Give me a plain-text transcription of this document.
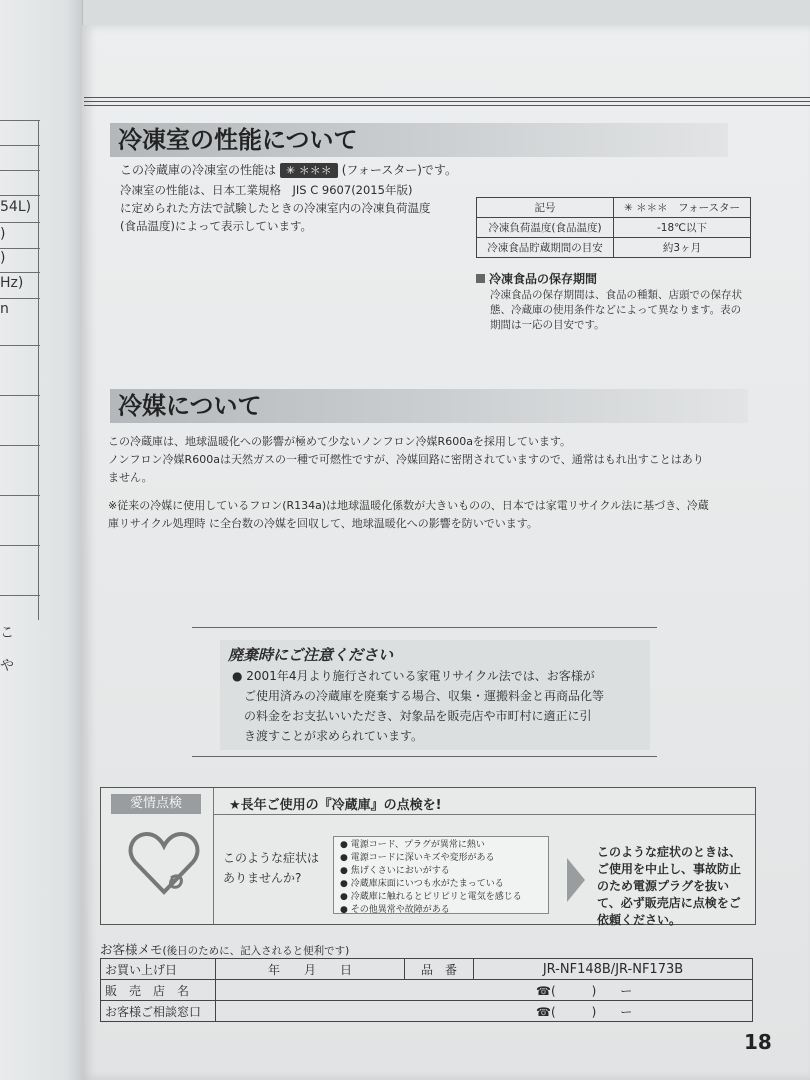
54L)
)
)
Hz)
n
こ
や
冷凍室の性能について
この冷蔵庫の冷凍室の性能は ✳ ＊＊＊ (フォースター)です。
冷凍室の性能は、日本工業規格　JIS C 9607(2015年版)
に定められた方法で試験したときの冷凍室内の冷凍負荷温度
(食品温度)によって表示しています。
記号	✳ ＊＊＊　フォースター
冷凍負荷温度(食品温度)	-18℃以下
冷凍食品貯蔵期間の目安	約3ヶ月
冷凍食品の保存期間
冷凍食品の保存期間は、食品の種類、店頭での保存状
態、冷蔵庫の使用条件などによって異なります。表の
期間は一応の目安です。
冷媒について
この冷蔵庫は、地球温暖化への影響が極めて少ないノンフロン冷媒R600aを採用しています。
ノンフロン冷媒R600aは天然ガスの一種で可燃性ですが、冷媒回路に密閉されていますので、通常はもれ出すことはあり
ません。
※従来の冷媒に使用しているフロン(R134a)は地球温暖化係数が大きいものの、日本では家電リサイクル法に基づき、冷蔵
庫リサイクル処理時 に全台数の冷媒を回収して、地球温暖化への影響を防いでいます。
廃棄時にご注意ください
● 2001年4月より施行されている家電リサイクル法では、お客様が
　ご使用済みの冷蔵庫を廃棄する場合、収集・運搬料金と再商品化等
　の料金をお支払いいただき、対象品を販売店や市町村に適正に引
　き渡すことが求められています。
愛情点検	★長年ご使用の『冷蔵庫』の点検を!
このような症状は
ありませんか?
● 電源コード、プラグが異常に熱い
● 電源コードに深いキズや変形がある
● 焦げくさいにおいがする
● 冷蔵庫床面にいつも水がたまっている
● 冷蔵庫に触れるとピリピリと電気を感じる
● その他異常や故障がある
このような症状のときは、
ご使用を中止し、事故防止
のため電源プラグを抜い
て、必ず販売店に点検をご
依頼ください。
お客様メモ(後日のために、記入されると便利です)
お買い上げ日	年　　月　　日	品　番	JR-NF148B/JR-NF173B
販　売　店　名	☎(　　　)　　ー		
お客様ご相談窓口	☎(　　　)　　ー		
18
